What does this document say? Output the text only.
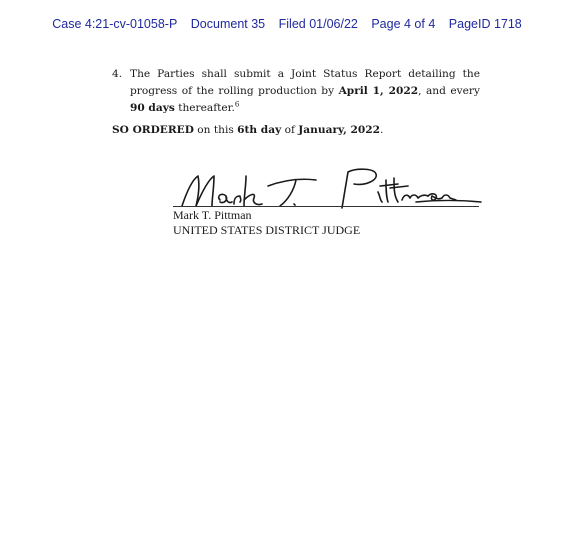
Case 4:21-cv-01058-P Document 35 Filed 01/06/22 Page 4 of 4 PageID 1718
4. The Parties shall submit a Joint Status Report detailing the progress of the rolling production by April 1, 2022, and every 90 days thereafter.$^6$
SO ORDERED on this 6th day of January, 2022.
Mark T. Pittman
UNITED STATES DISTRICT JUDGE
